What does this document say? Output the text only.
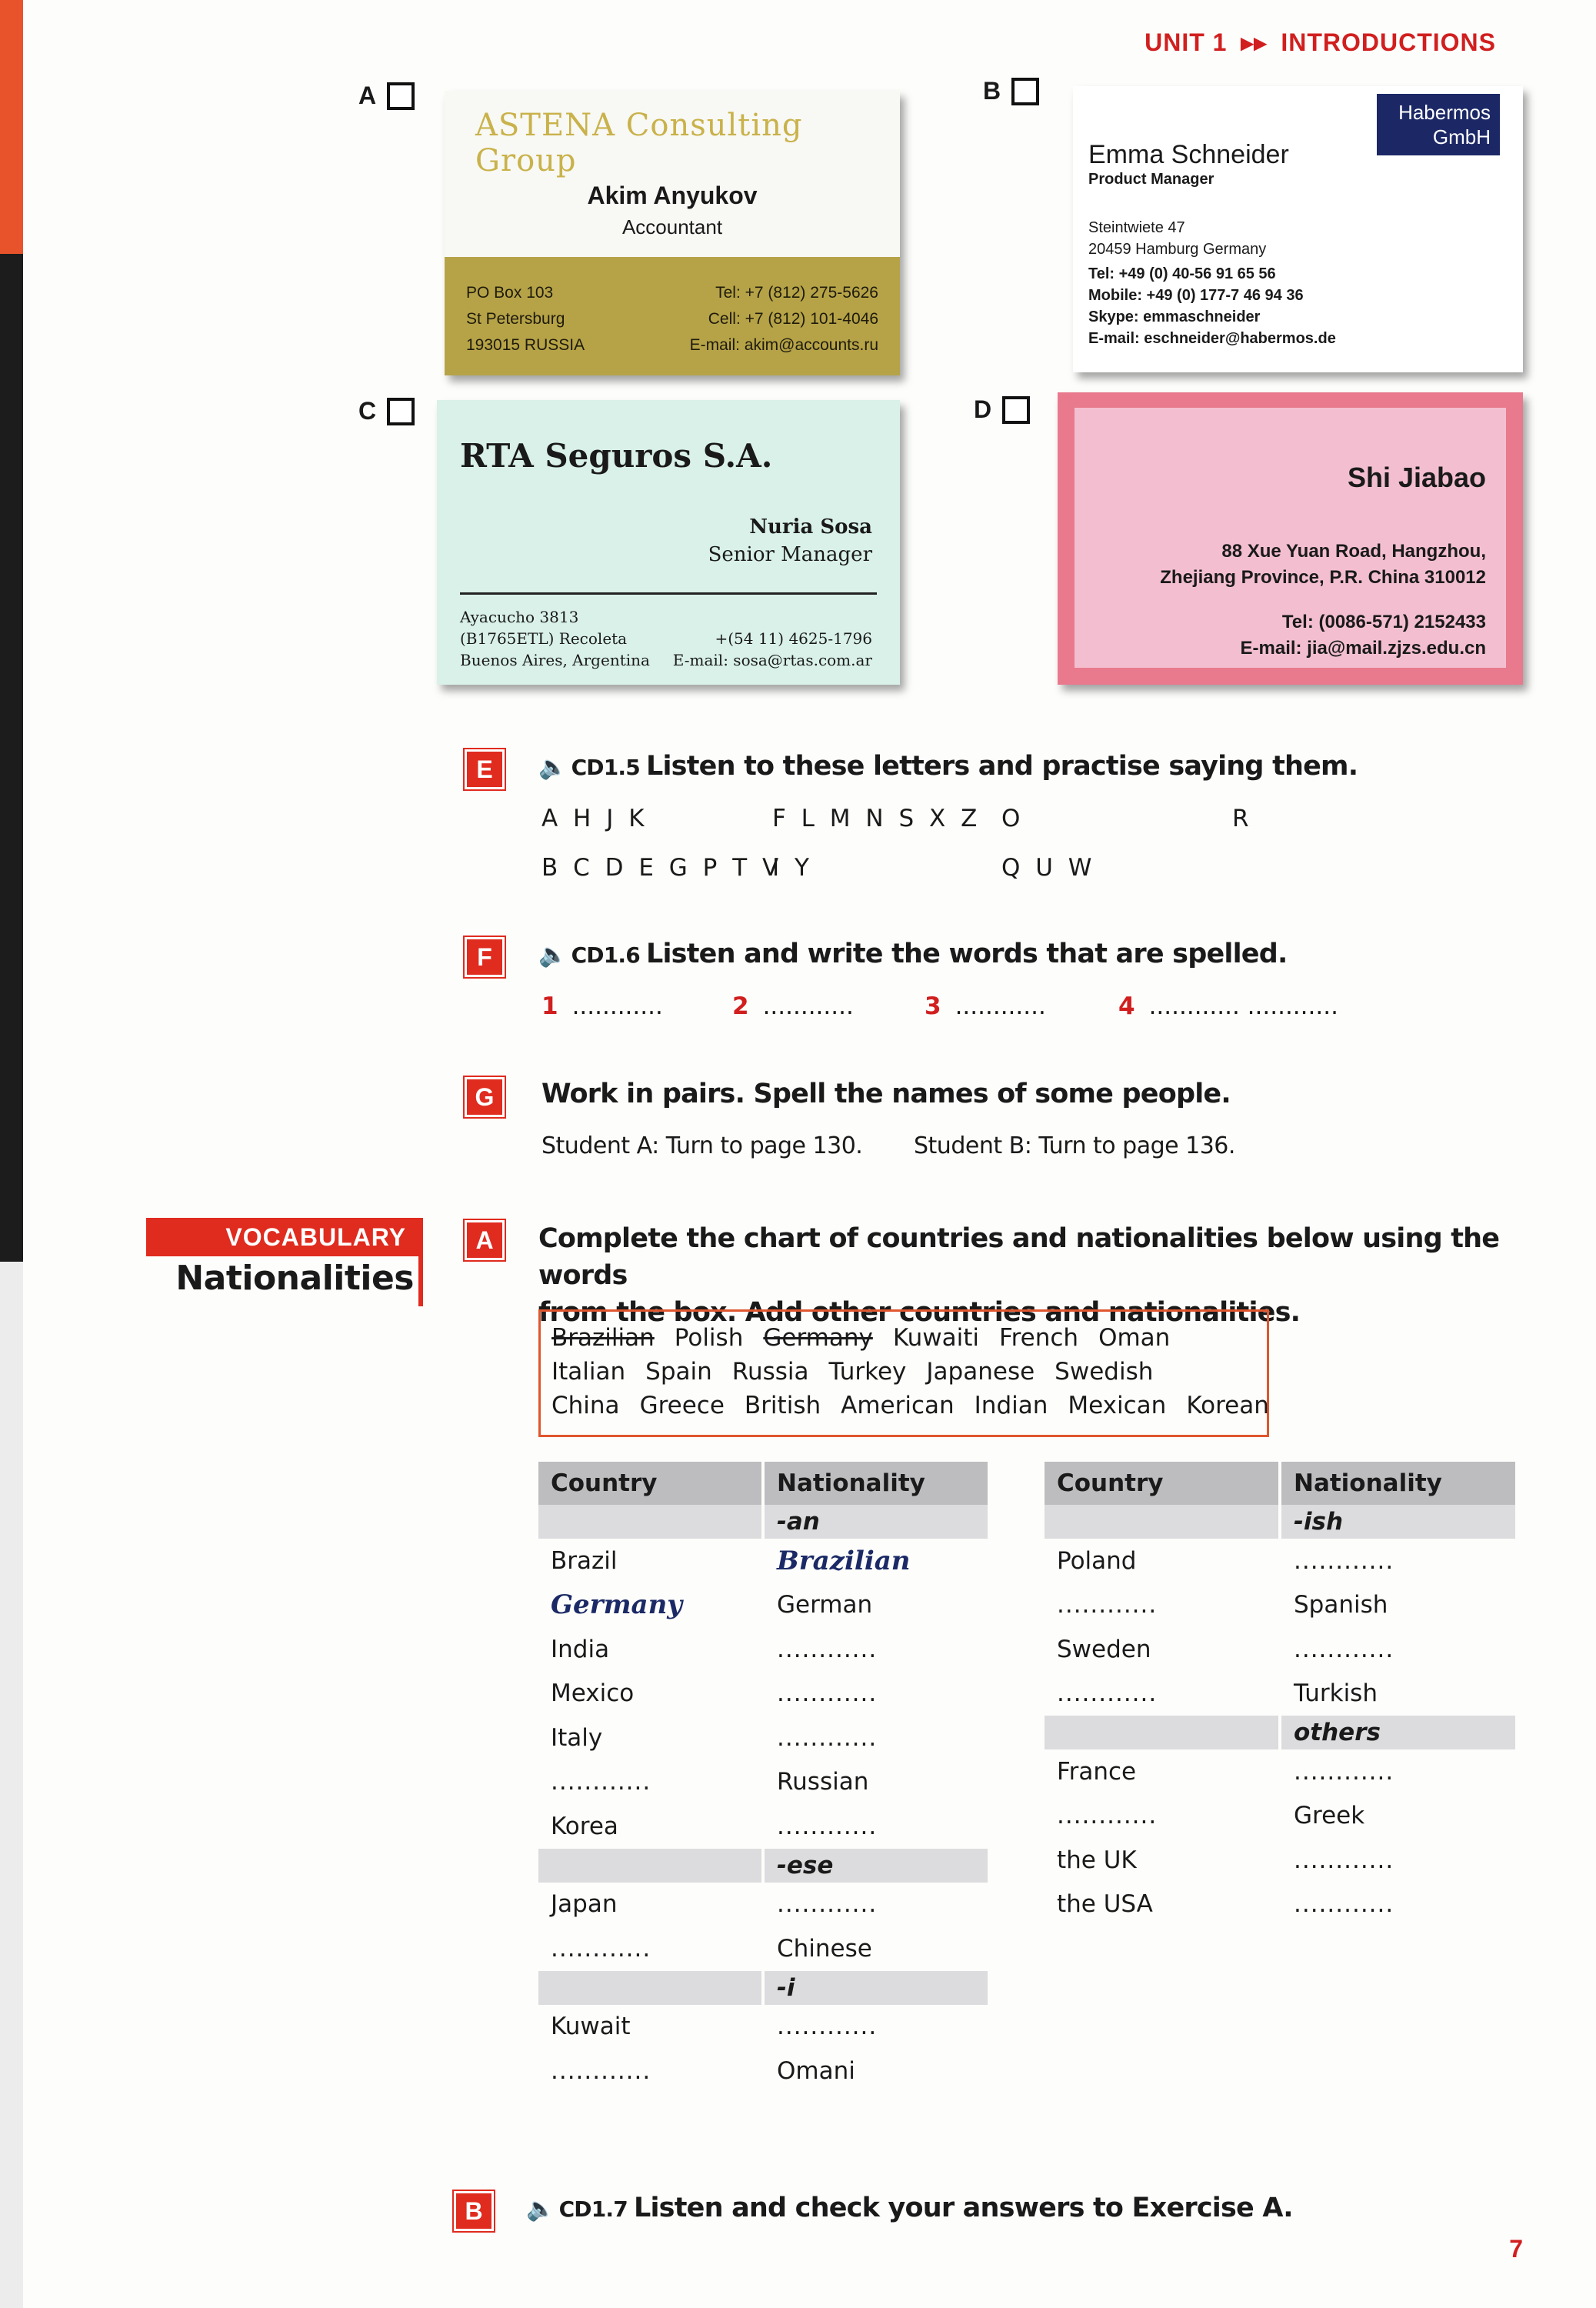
UNIT 1 ▸▸ INTRODUCTIONS
A
ASTENA Consulting Group
Akim Anyukov
Accountant
PO Box 103
St Petersburg
193015 RUSSIA
Tel: +7 (812) 275-5626
Cell: +7 (812) 101-4046
E-mail: akim@accounts.ru
B
Habermos
GmbH
Emma Schneider
Product Manager
Steintwiete 47
20459 Hamburg Germany
Tel: +49 (0) 40-56 91 65 56
Mobile: +49 (0) 177-7 46 94 36
Skype: emmaschneider
E-mail: eschneider@habermos.de
C
RTA Seguros S.A.
Nuria Sosa
Senior Manager
Ayacucho 3813
(B1765ETL) Recoleta
Buenos Aires, Argentina
+(54 11) 4625-1796
E-mail: sosa@rtas.com.ar
D
Shi Jiabao
88 Xue Yuan Road, Hangzhou,
Zhejiang Province, P.R. China 310012
Tel: (0086-571) 2152433
E-mail: jia@mail.zjzs.edu.cn
E	🔈 CD1.5 Listen to these letters and practise saying them.
A H J K	F L M N S X Z O	R
B C D E G P T V
I Y	Q U W
F	🔈 CD1.6 Listen and write the words that are spelled.
1 ............	2 ............	3 ............	4 ............ ............
G	Work in pairs. Spell the names of some people.
Student A: Turn to page 130. Student B: Turn to page 136.
VOCABULARY
Nationalities
A	Complete the chart of countries and nationalities below using the words
from the box. Add other countries and nationalities.
Brazilian Polish Germany Kuwaiti French Oman
Italian Spain Russia Turkey Japanese Swedish
China Greece British American Indian Mexican Korean
Country	Nationality
	-an
Brazil	Brazilian
Germany	German
India	............
Mexico	............
Italy	............
............	Russian
Korea	............
	-ese
Japan	............
............	Chinese
	-i
Kuwait	............
............	Omani
Country	Nationality
	-ish
Poland	............
............	Spanish
Sweden	............
............	Turkish
	others
France	............
............	Greek
the UK	............
the USA	............
B	🔈 CD1.7 Listen and check your answers to Exercise A.
7
